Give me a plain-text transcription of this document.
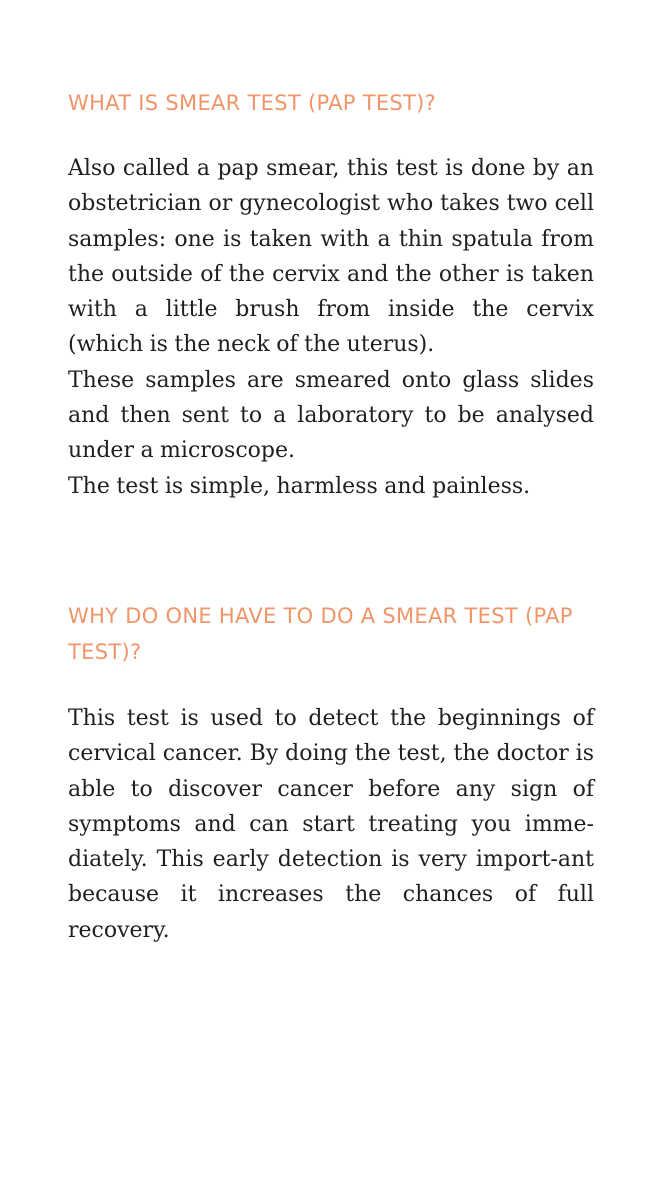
WHAT IS SMEAR TEST (PAP TEST)?

Also called a pap smear, this test is done by an obstetrician or gynecologist who takes two cell samples: one is taken with a thin spatula from the outside of the cervix and the other is taken with a little brush from inside the cervix (which is the neck of the uterus).

These samples are smeared onto glass slides and then sent to a laboratory to be analysed under a microscope.

The test is simple, harmless and painless.

WHY DO ONE HAVE TO DO A SMEAR TEST (PAP TEST)?

This test is used to detect the beginnings of cervical cancer. By doing the test, the doctor is able to discover cancer before any sign of symptoms and can start treating you imme-diately. This early detection is very import-ant because it increases the chances of full recovery.
